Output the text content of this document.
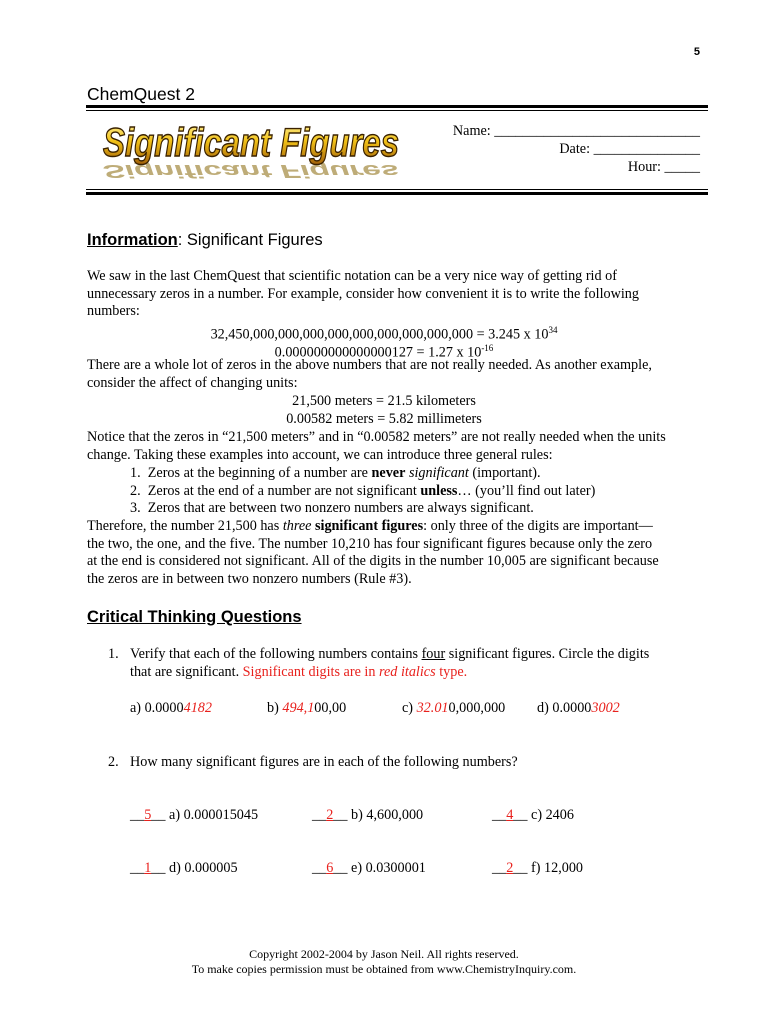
5
ChemQuest 2
Significant Figures
Significant Figures	Name: _____________________________
Date: _______________
Hour: _____
Information: Significant Figures
We saw in the last ChemQuest that scientific notation can be a very nice way of getting rid of
unnecessary zeros in a number. For example, consider how convenient it is to write the following
numbers:
32,450,000,000,000,000,000,000,000,000,000 = 3.245 x $10^{34}$
0.000000000000000127 = 1.27 x $10^{-16}$
There are a whole lot of zeros in the above numbers that are not really needed. As another example,
consider the affect of changing units:
21,500 meters = 21.5 kilometers
0.00582 meters = 5.82 millimeters
Notice that the zeros in “21,500 meters” and in “0.00582 meters” are not really needed when the units
change. Taking these examples into account, we can introduce three general rules:
1. Zeros at the beginning of a number are never significant (important).
2. Zeros at the end of a number are not significant unless… (you’ll find out later)
3. Zeros that are between two nonzero numbers are always significant.
Therefore, the number 21,500 has three significant figures: only three of the digits are important—
the two, the one, and the five. The number 10,210 has four significant figures because only the zero
at the end is considered not significant. All of the digits in the number 10,005 are significant because
the zeros are in between two nonzero numbers (Rule #3).
Critical Thinking Questions
1. Verify that each of the following numbers contains four significant figures. Circle the digits
that are significant. Significant digits are in red italics type.
a) 0.00004182	b) 494,100,00	c) 32.010,000,000 d) 0.00003002
2. How many significant figures are in each of the following numbers?
__5__ a) 0.000015045	__2__ b) 4,600,000	__4__ c) 2406
__1__ d) 0.000005	__6__ e) 0.0300001	__2__ f) 12,000
Copyright 2002-2004 by Jason Neil. All rights reserved.
To make copies permission must be obtained from www.ChemistryInquiry.com.
